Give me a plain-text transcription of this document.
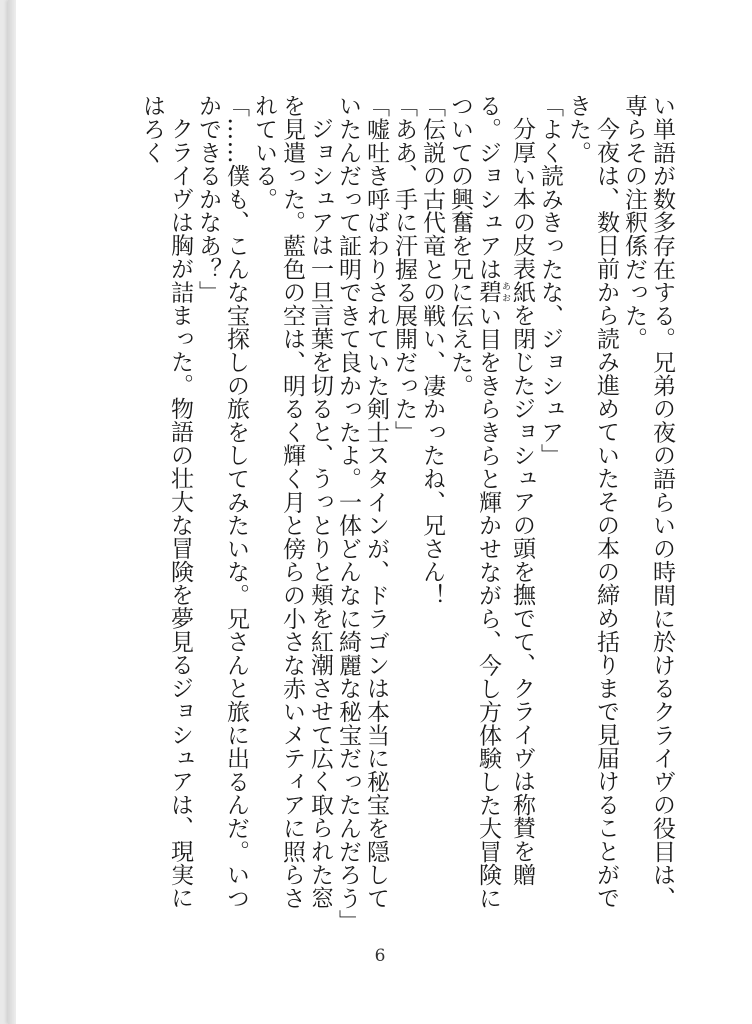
い単語が数多存在する。兄弟の夜の語らいの時間に於けるクライヴの役目は、専らその注釈係だった。

今夜は、数日前から読み進めていたその本の締め括りまで見届けることができた。

「よく読みきったな、ジョシュア」

分厚い本の皮表紙を閉じたジョシュアの頭を撫でて、クライヴは称賛を贈る。ジョシュアは碧 あおい目をきらきらと輝かせながら、今し方体験した大冒険についての興奮を兄に伝えた。

「伝説の古代竜との戦い、凄かったね、兄さん！

「ああ、手に汗握る展開だった」

「嘘吐き呼ばわりされていた剣士スタインが、ドラゴンは本当に秘宝を隠していたんだって証明できて良かったよ。一体どんなに綺麗な秘宝だったんだろう」

ジョシュアは一旦言葉を切ると、うっとりと頬を紅潮させて広く取られた窓を見遣った。藍色の空は、明るく輝く月と傍らの小さな赤いメティアに照らされている。

「……僕も、こんな宝探しの旅をしてみたいな。兄さんと旅に出るんだ。いつかできるかなあ？」

クライヴは胸が詰まった。物語の壮大な冒険を夢見るジョシュアは、現実にはろく

6
